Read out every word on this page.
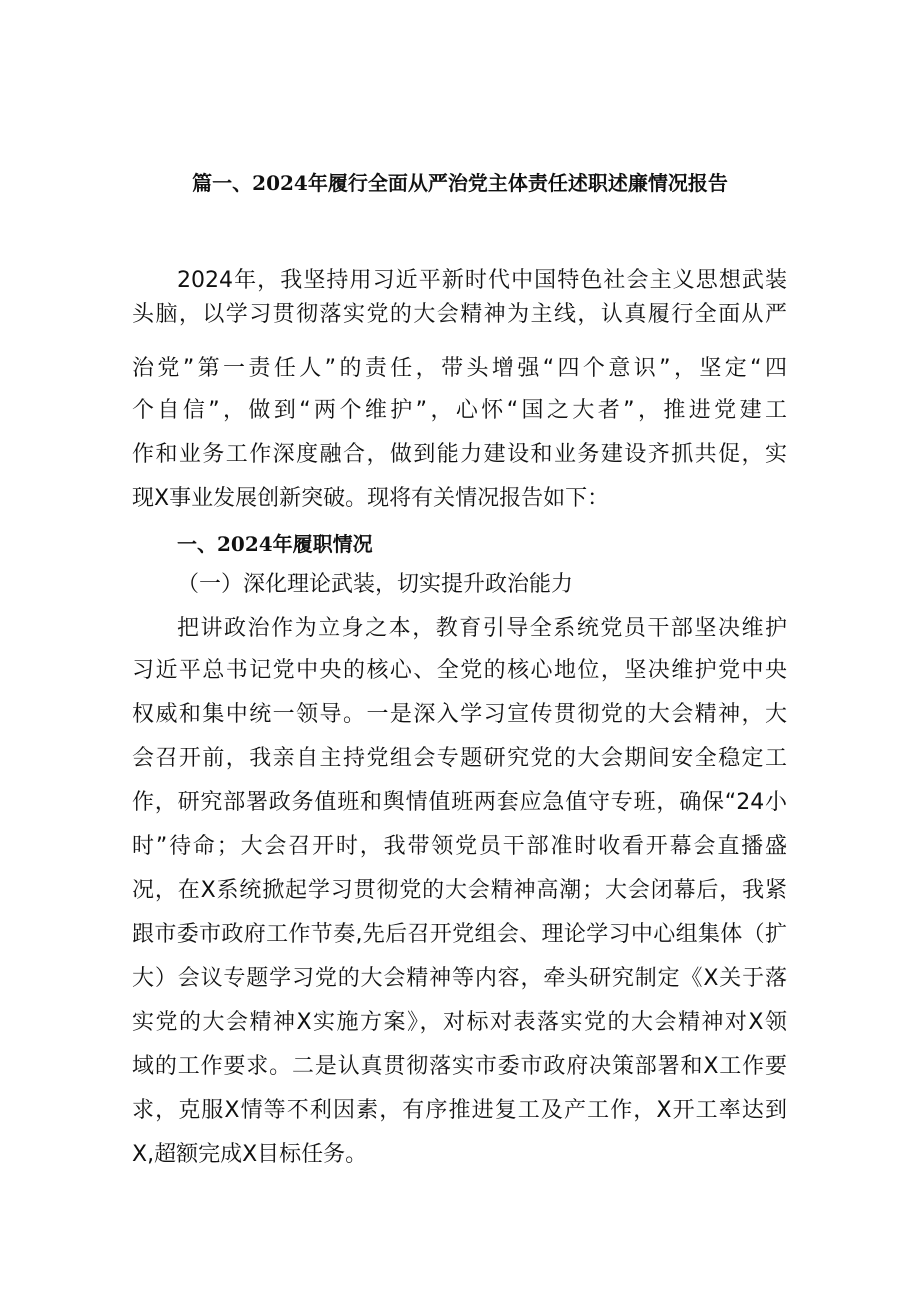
篇一、2024年履行全面从严治党主体责任述职述廉情况报告
2024年，我坚持用习近平新时代中国特色社会主义思想武装
头脑，以学习贯彻落实党的大会精神为主线，认真履行全面从严
治党”第一责任人”的责任，带头增强“四个意识”，坚定“四
个自信”，做到“两个维护”，心怀“国之大者”，推进党建工
作和业务工作深度融合，做到能力建设和业务建设齐抓共促，实
现X事业发展创新突破。现将有关情况报告如下：
一、2024年履职情况
（一）深化理论武装，切实提升政治能力
把讲政治作为立身之本，教育引导全系统党员干部坚决维护
习近平总书记党中央的核心、全党的核心地位，坚决维护党中央
权威和集中统一领导。一是深入学习宣传贯彻党的大会精神，大
会召开前，我亲自主持党组会专题研究党的大会期间安全稳定工
作，研究部署政务值班和舆情值班两套应急值守专班，确保“24小
时”待命；大会召开时，我带领党员干部准时收看开幕会直播盛
况，在X系统掀起学习贯彻党的大会精神高潮；大会闭幕后，我紧
跟市委市政府工作节奏,先后召开党组会、理论学习中心组集体（扩
大）会议专题学习党的大会精神等内容，牵头研究制定《X关于落
实党的大会精神X实施方案》，对标对表落实党的大会精神对X领
域的工作要求。二是认真贯彻落实市委市政府决策部署和X工作要
求，克服X情等不利因素，有序推进复工及产工作，X开工率达到
X,超额完成X目标任务。
